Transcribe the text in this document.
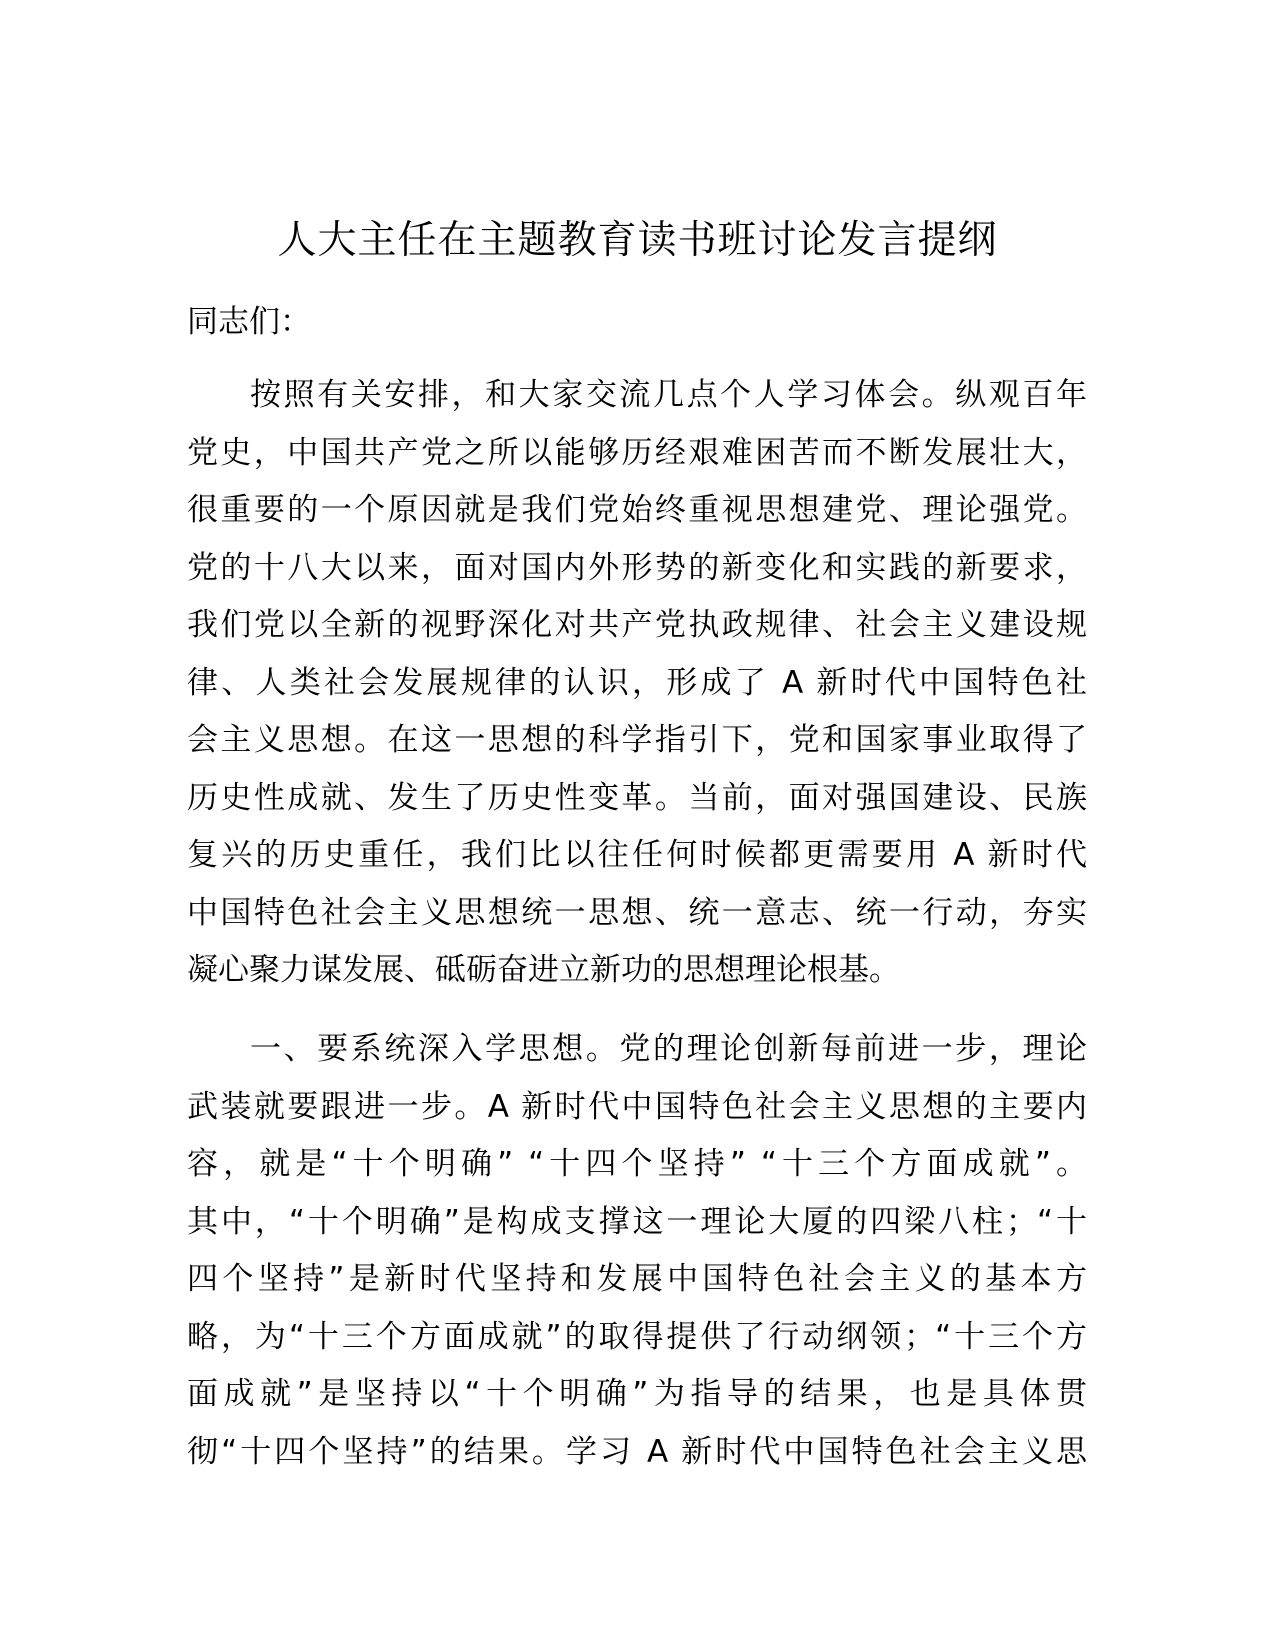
人大主任在主题教育读书班讨论发言提纲

同志们：

按照有关安排，和大家交流几点个人学习体会。纵观百年
党史，中国共产党之所以能够历经艰难困苦而不断发展壮大，
很重要的一个原因就是我们党始终重视思想建党、理论强党。
党的十八大以来，面对国内外形势的新变化和实践的新要求，
我们党以全新的视野深化对共产党执政规律、社会主义建设规
律、人类社会发展规律的认识，形成了 A 新时代中国特色社
会主义思想。在这一思想的科学指引下，党和国家事业取得了
历史性成就、发生了历史性变革。当前，面对强国建设、民族
复兴的历史重任，我们比以往任何时候都更需要用 A 新时代
中国特色社会主义思想统一思想、统一意志、统一行动，夯实
凝心聚力谋发展、砥砺奋进立新功的思想理论根基。
一、要系统深入学思想。党的理论创新每前进一步，理论
武装就要跟进一步。A 新时代中国特色社会主义思想的主要内
容，就是“十个明确” “十四个坚持” “十三个方面成就”。
其中，“十个明确”是构成支撑这一理论大厦的四梁八柱；“十
四个坚持”是新时代坚持和发展中国特色社会主义的基本方
略，为“十三个方面成就”的取得提供了行动纲领；“十三个方
面成就”是坚持以“十个明确”为指导的结果，也是具体贯
彻“十四个坚持”的结果。学习 A 新时代中国特色社会主义思
